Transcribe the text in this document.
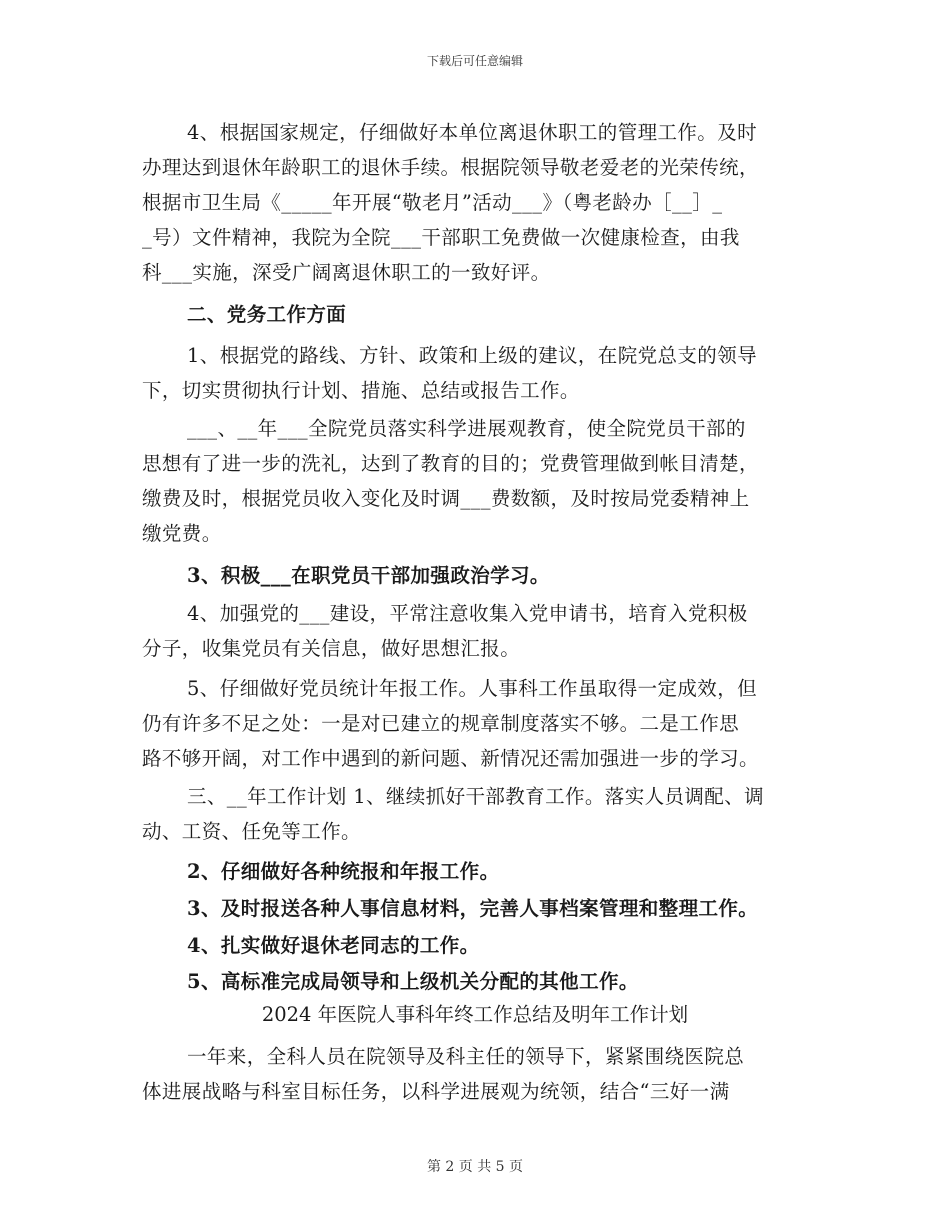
下载后可任意编辑
4、根据国家规定，仔细做好本单位离退休职工的管理工作。及时
办理达到退休年龄职工的退休手续。根据院领导敬老爱老的光荣传统，
根据市卫生局《_____年开展“敬老月”活动___》（粤老龄办［__］_
_号）文件精神，我院为全院___干部职工免费做一次健康检查，由我
科___实施，深受广阔离退休职工的一致好评。
二、党务工作方面
1、根据党的路线、方针、政策和上级的建议，在院党总支的领导
下，切实贯彻执行计划、措施、总结或报告工作。
___、__年___全院党员落实科学进展观教育，使全院党员干部的
思想有了进一步的洗礼，达到了教育的目的；党费管理做到帐目清楚，
缴费及时，根据党员收入变化及时调___费数额，及时按局党委精神上
缴党费。
3、积极___在职党员干部加强政治学习。
4、加强党的___建设，平常注意收集入党申请书，培育入党积极
分子，收集党员有关信息，做好思想汇报。
5、仔细做好党员统计年报工作。人事科工作虽取得一定成效，但
仍有许多不足之处：一是对已建立的规章制度落实不够。二是工作思
路不够开阔，对工作中遇到的新问题、新情况还需加强进一步的学习。
三、__年工作计划 1、继续抓好干部教育工作。落实人员调配、调
动、工资、任免等工作。
2、仔细做好各种统报和年报工作。
3、及时报送各种人事信息材料，完善人事档案管理和整理工作。
4、扎实做好退休老同志的工作。
5、高标准完成局领导和上级机关分配的其他工作。
2024 年医院人事科年终工作总结及明年工作计划
一年来，全科人员在院领导及科主任的领导下，紧紧围绕医院总
体进展战略与科室目标任务，以科学进展观为统领，结合“三好一满
第 2 页 共 5 页
